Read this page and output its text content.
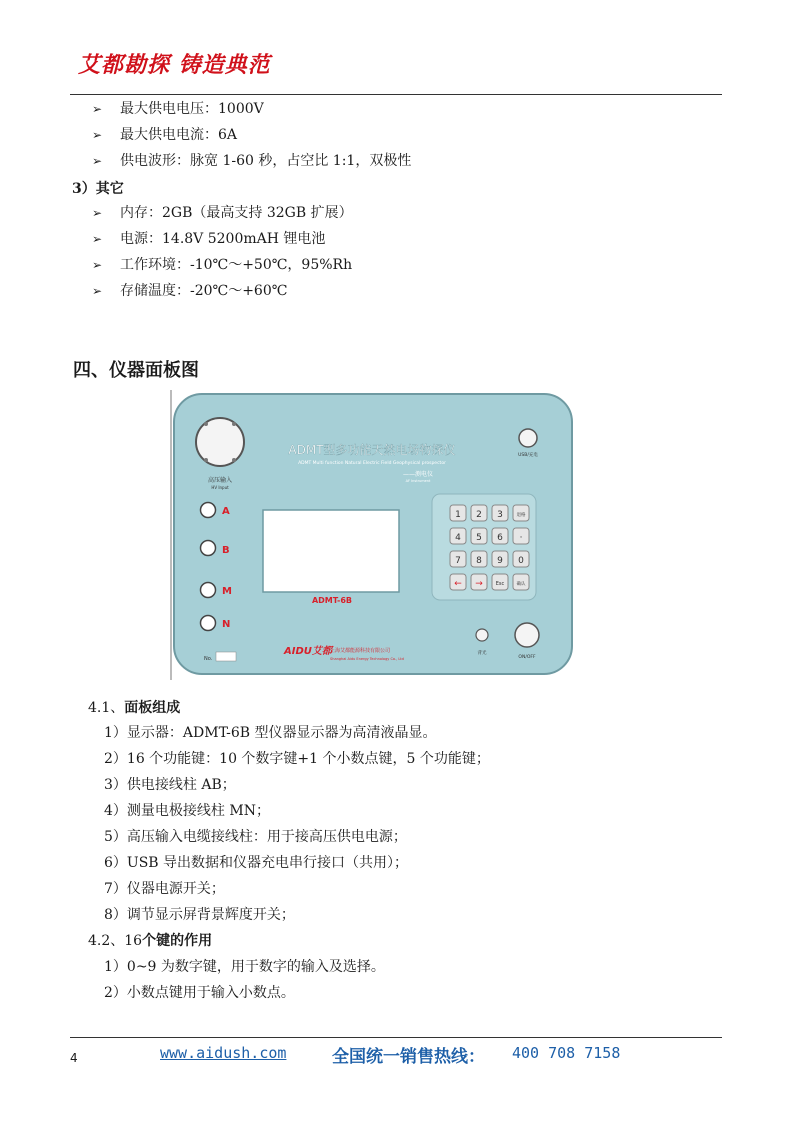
艾都勘探 铸造典范
➢ 最大供电电压：1000V
➢ 最大供电电流：6A
➢ 供电波形：脉宽 1-60 秒，占空比 1:1，双极性
3）其它
➢ 内存：2GB（最高支持 32GB 扩展）
➢ 电源：14.8V 5200mAH 锂电池
➢ 工作环境：-10℃～+50℃，95%Rh
➢ 存储温度：-20℃～+60℃
四、仪器面板图
高压输入
HV Input
ADMT型多功能天然电场物探仪
ADMT Multi function Natural Electric Field Geophysical prospector
——测电仪
AF Instrument
USB/充电
A
B
M
N
ADMT-6B
1 2 3	退格
4 5 6 ·
7 8 9 0
← →	Esc	确认
No.
AIDU艾都
上海艾都能源科技有限公司
Shanghai Aidu Energy Technology Co., Ltd
背光
ON/OFF
4.1、面板组成
1）显示器：ADMT-6B 型仪器显示器为高清液晶显。
2）16 个功能键：10 个数字键+1 个小数点键，5 个功能键；
3）供电接线柱 AB；
4）测量电极接线柱 MN；
5）高压输入电缆接线柱：用于接高压供电电源；
6）USB 导出数据和仪器充电串行接口（共用）；
7）仪器电源开关；
8）调节显示屏背景辉度开关；
4.2、16个键的作用
1）0~9 为数字键，用于数字的输入及选择。
2）小数点键用于输入小数点。
4	www.aidush.com	全国统一销售热线： 400 708 7158
